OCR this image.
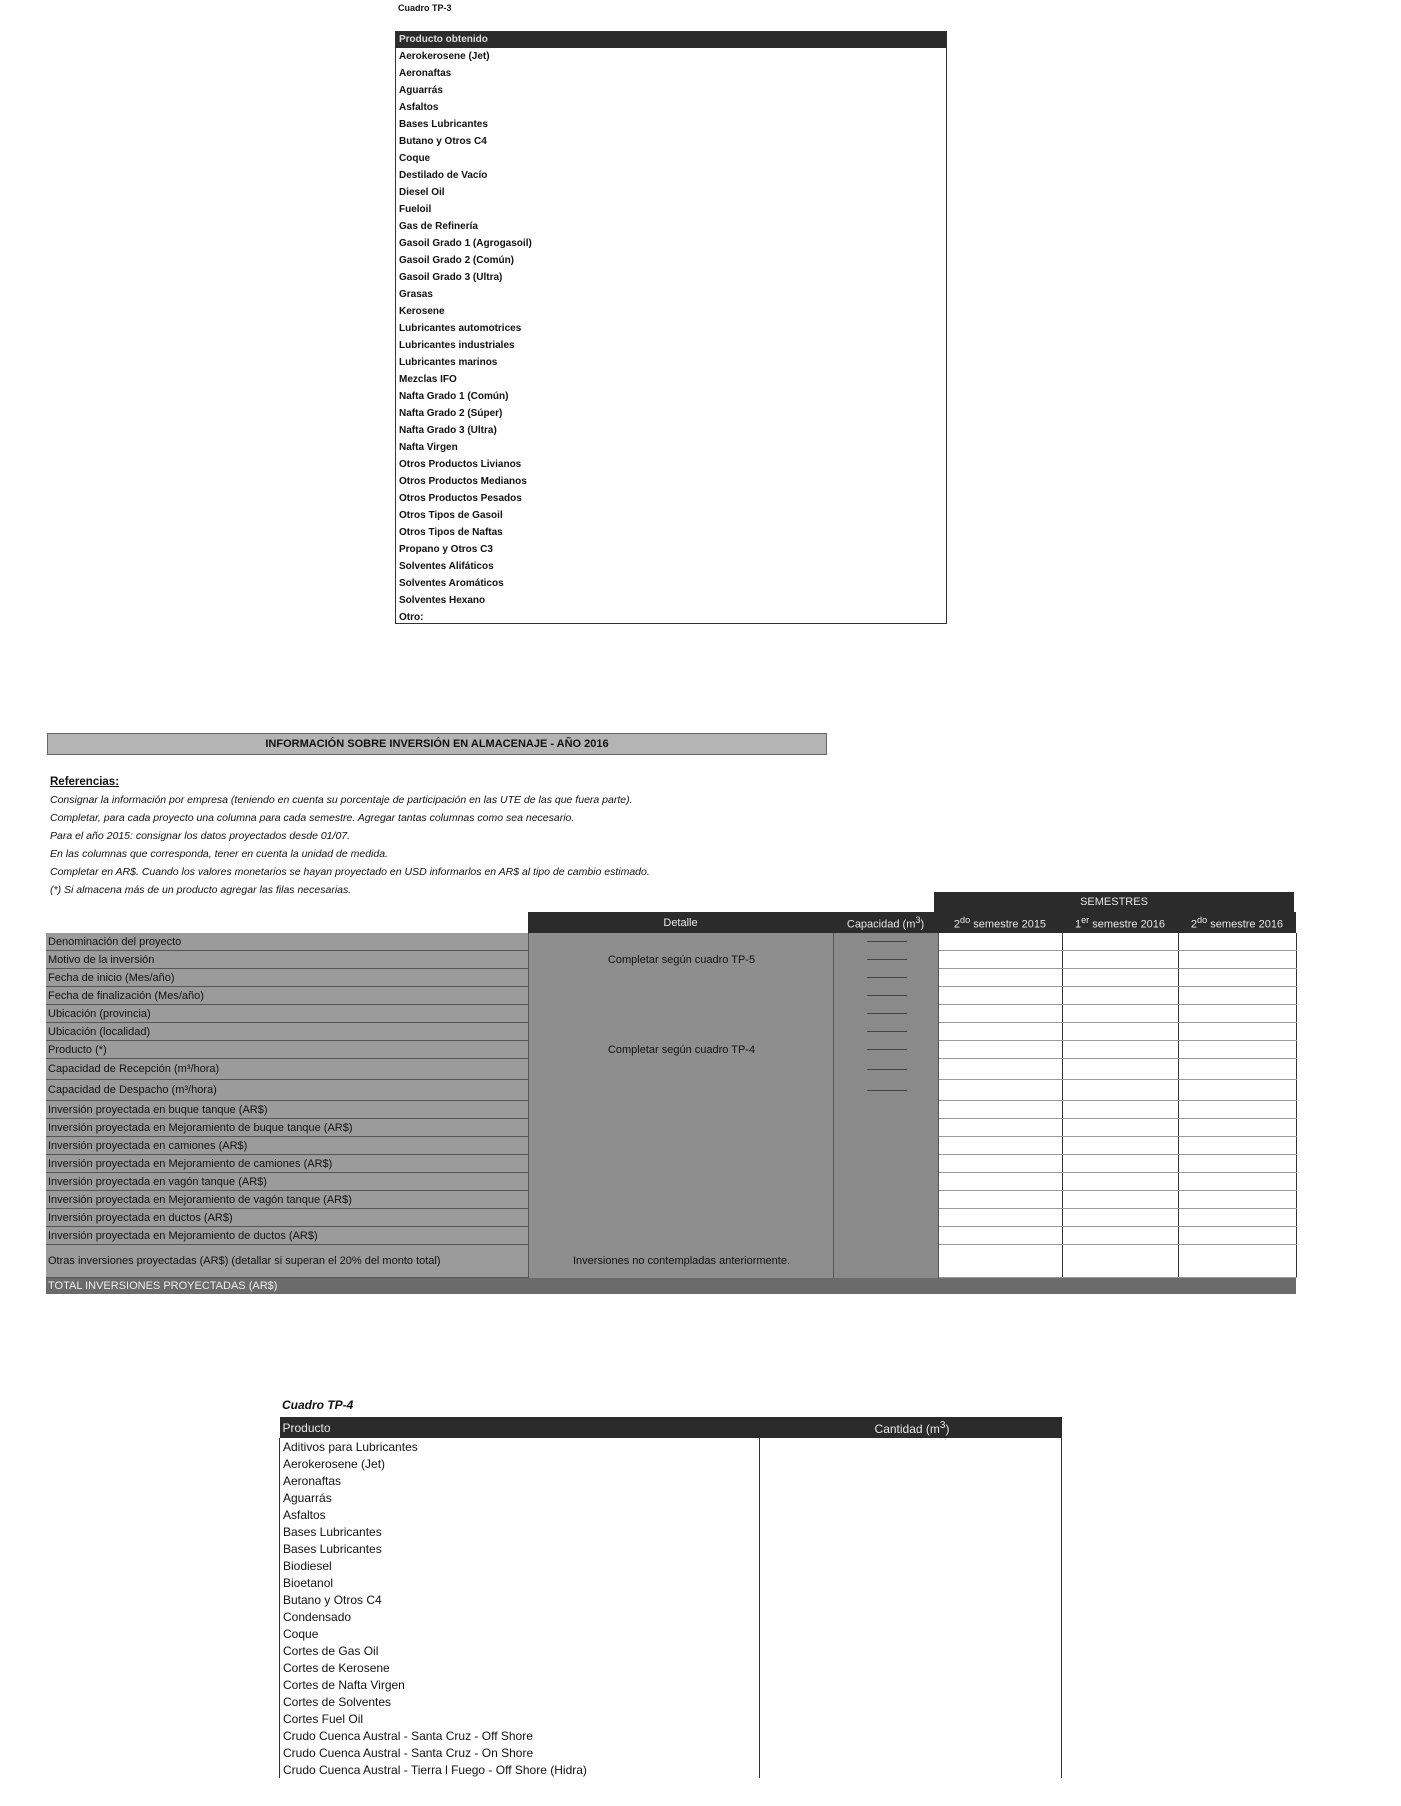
Cuadro TP-3
Producto obtenido
Aerokerosene (Jet)
Aeronaftas
Aguarrás
Asfaltos
Bases Lubricantes
Butano y Otros C4
Coque
Destilado de Vacío
Diesel Oil
Fueloil
Gas de Refinería
Gasoil Grado 1 (Agrogasoil)
Gasoil Grado 2 (Común)
Gasoil Grado 3 (Ultra)
Grasas
Kerosene
Lubricantes automotrices
Lubricantes industriales
Lubricantes marinos
Mezclas IFO
Nafta Grado 1 (Común)
Nafta Grado 2 (Súper)
Nafta Grado 3 (Ultra)
Nafta Virgen
Otros Productos Livianos
Otros Productos Medianos
Otros Productos Pesados
Otros Tipos de Gasoil
Otros Tipos de Naftas
Propano y Otros C3
Solventes Alifáticos
Solventes Aromáticos
Solventes Hexano
Otro:
INFORMACIÓN SOBRE INVERSIÓN EN ALMACENAJE - AÑO 2016
Referencias:
Consignar la información por empresa (teniendo en cuenta su porcentaje de participación en las UTE de las que fuera parte).
Completar, para cada proyecto una columna para cada semestre. Agregar tantas columnas como sea necesario.
Para el año 2015: consignar los datos proyectados desde 01/07.
En las columnas que corresponda, tener en cuenta la unidad de medida.
Completar en AR$. Cuando los valores monetarios se hayan proyectado en USD informarlos en AR$ al tipo de cambio estimado.
(*) Si almacena más de un producto agregar las filas necesarias.
SEMESTRES
	Detalle	Capacidad $(m^3)$	$2^{do}$ semestre 2015	1er semestre 2016	$2^{do}$ semestre 2016
Denominación del proyecto					
Motivo de la inversión	Completar según cuadro TP-5				
Fecha de inicio (Mes/año)					
Fecha de finalización (Mes/año)					
Ubicación (provincia)					
Ubicación (localidad)					
Producto (*)	Completar según cuadro TP-4				
Capacidad de Recepción (m³/hora)					
Capacidad de Despacho (m³/hora)					
Inversión proyectada en buque tanque (AR$)					
Inversión proyectada en Mejoramiento de buque tanque (AR$)					
Inversión proyectada en camiones (AR$)					
Inversión proyectada en Mejoramiento de camiones (AR$)					
Inversión proyectada en vagón tanque (AR$)					
Inversión proyectada en Mejoramiento de vagón tanque (AR$)					
Inversión proyectada en ductos (AR$)					
Inversión proyectada en Mejoramiento de ductos (AR$)					
Otras inversiones proyectadas (AR$) (detallar si superan el 20% del monto total)	Inversiones no contempladas anteriormente.				
TOTAL INVERSIONES PROYECTADAS (AR$)					
Cuadro TP-4
Producto	Cantidad $(m^3)$
Aditivos para Lubricantes	
Aerokerosene (Jet)	
Aeronaftas	
Aguarrás	
Asfaltos	
Bases Lubricantes	
Bases Lubricantes	
Biodiesel	
Bioetanol	
Butano y Otros C4	
Condensado	
Coque	
Cortes de Gas Oil	
Cortes de Kerosene	
Cortes de Nafta Virgen	
Cortes de Solventes	
Cortes Fuel Oil	
Crudo Cuenca Austral - Santa Cruz - Off Shore	
Crudo Cuenca Austral - Santa Cruz - On Shore	
Crudo Cuenca Austral - Tierra l Fuego - Off Shore (Hidra)	
